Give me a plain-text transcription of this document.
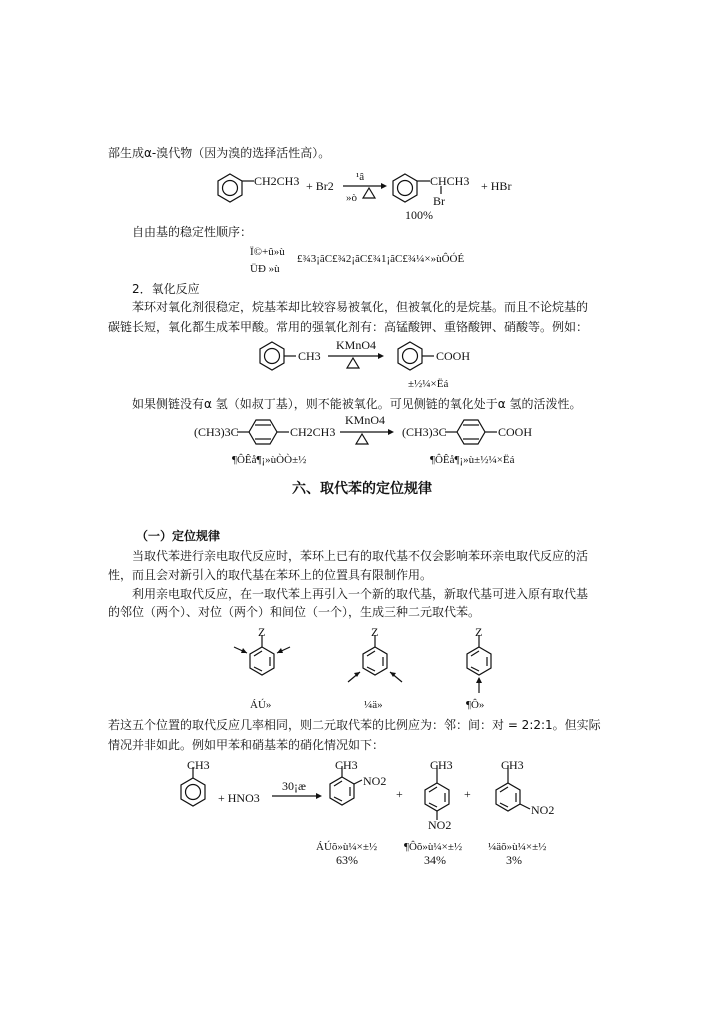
部生成α-溴代物（因为溴的选择活性高）。
CH2CH3 + Br2
¹â
»ò
CHCH3
Br
+ HBr
100%
自由基的稳定性顺序：
Ï©+û»ù
ÜÐ »ù
£¾3¡ãC£¾2¡ãC£¾1¡ãC£¾¼×»ùÔÓÉ
2．氧化反应
苯环对氧化剂很稳定，烷基苯却比较容易被氧化，但被氧化的是烷基。而且不论烷基的
碳链长短，氧化都生成苯甲酸。常用的强氧化剂有：高锰酸钾、重铬酸钾、硝酸等。例如：
CH3
KMnO4
COOH
±½¼×Ëá
如果侧链没有α 氢（如叔丁基），则不能被氧化。可见侧链的氧化处于α 氢的活泼性。
(CH3)3C	CH2CH3
KMnO4
(CH3)3C	COOH
¶ÔÊå¶¡»ùÒÒ±½	¶ÔÊå¶¡»ù±½¼×Ëá
六、取代苯的定位规律
（一）定位规律
当取代苯进行亲电取代反应时，苯环上已有的取代基不仅会影响苯环亲电取代反应的活
性，而且会对新引入的取代基在苯环上的位置具有限制作用。
利用亲电取代反应，在一取代苯上再引入一个新的取代基，新取代基可进入原有取代基
的邻位（两个）、对位（两个）和间位（一个），生成三种二元取代苯。
Z	Z	Z
ÁÚ»	¼ä»	¶Ô»
若这五个位置的取代反应几率相同，则二元取代苯的比例应为：邻：间：对 = 2:2:1。但实际
情况并非如此。例如甲苯和硝基苯的硝化情况如下：
CH3
+ HNO3
30¡æ
CH3
NO2
+
CH3
NO2
+
CH3
NO2
ÁÚõ»ù¼×±½ ¶Ôõ»ù¼×±½ ¼äõ»ù¼×±½
63%	34%	3%
